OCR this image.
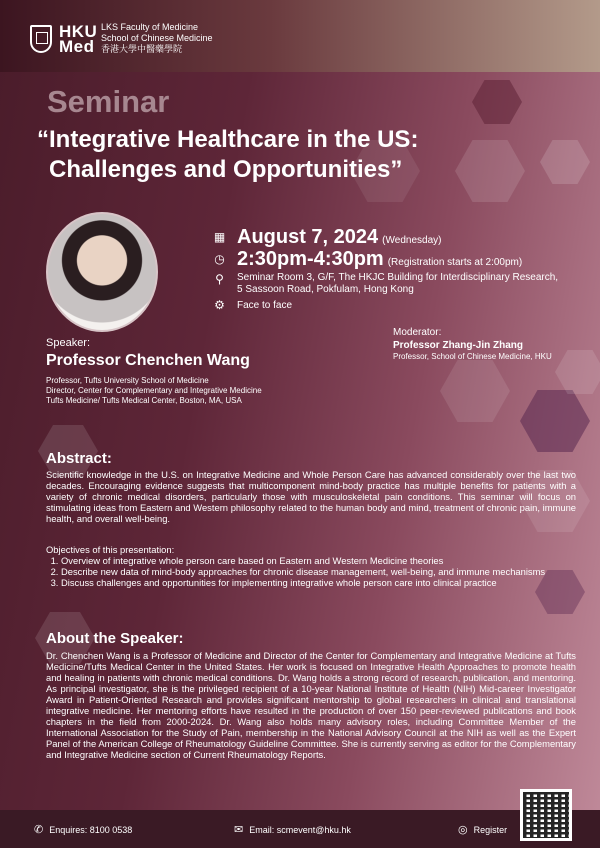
HKU Med
LKS Faculty of Medicine
School of Chinese Medicine
香港大學中醫藥學院
Seminar
“Integrative Healthcare in the US:
Challenges and Opportunities”
▦ August 7, 2024 (Wednesday)
◷ 2:30pm-4:30pm (Registration starts at 2:00pm)
⚲	Seminar Room 3, G/F, The HKJC Building for Interdisciplinary Research,
5 Sassoon Road, Pokfulam, Hong Kong
⚙ Face to face
Speaker:
Professor Chenchen Wang
Professor, Tufts University School of Medicine
Director, Center for Complementary and Integrative Medicine
Tufts Medicine/ Tufts Medical Center, Boston, MA, USA
Moderator:
Professor Zhang-Jin Zhang
Professor, School of Chinese Medicine, HKU
Abstract:
Scientific knowledge in the U.S. on Integrative Medicine and Whole Person Care has advanced considerably over the last two decades. Encouraging evidence suggests that multicomponent mind-body practice has multiple benefits for patients with a variety of chronic medical disorders, particularly those with musculoskeletal pain conditions. This seminar will focus on stimulating ideas from Eastern and Western philosophy related to the human body and mind, treatment of chronic pain, immune health, and overall well-being.
Objectives of this presentation:
1. Overview of integrative whole person care based on Eastern and Western Medicine theories
2. Describe new data of mind-body approaches for chronic disease management, well-being, and immune mechanisms
3. Discuss challenges and opportunities for implementing integrative whole person care into clinical practice
About the Speaker:
Dr. Chenchen Wang is a Professor of Medicine and Director of the Center for Complementary and Integrative Medicine at Tufts Medicine/Tufts Medical Center in the United States. Her work is focused on Integrative Health Approaches to promote health and healing in patients with chronic medical conditions. Dr. Wang holds a strong record of research, publication, and mentoring. As principal investigator, she is the privileged recipient of a 10-year National Institute of Health (NIH) Mid-career Investigator Award in Patient-Oriented Research and provides significant mentorship to global researchers in clinical and translational integrative medicine. Her mentoring efforts have resulted in the production of over 150 peer-reviewed publications and book chapters in the field from 2000-2024. Dr. Wang also holds many advisory roles, including Committee Member of the International Association for the Study of Pain, membership in the National Advisory Council at the NIH as well as the Expert Panel of the American College of Rheumatology Guideline Committee. She is currently serving as editor for the Complementary and Integrative Medicine section of Current Rheumatology Reports.
✆ Enquires: 8100 0538	✉ Email: scmevent@hku.hk	◎ Register
